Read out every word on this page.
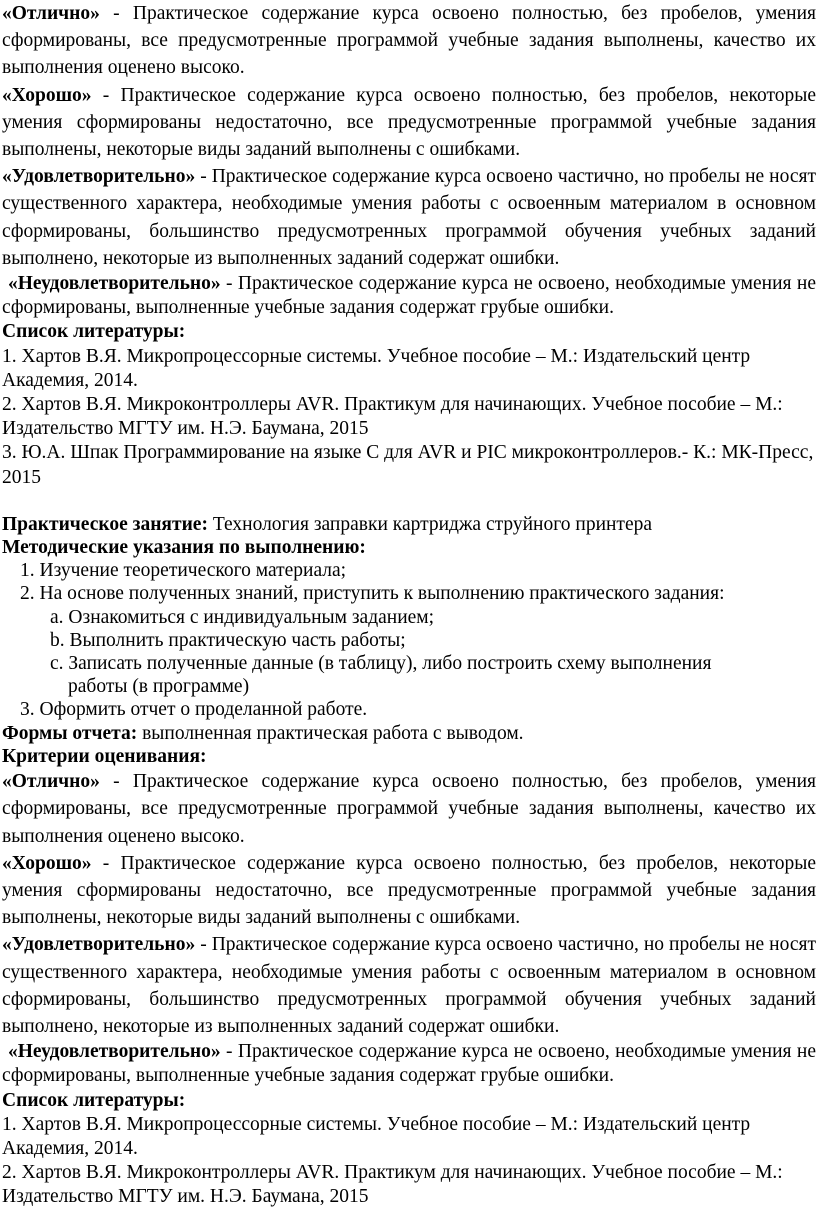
«Отлично» - Практическое содержание курса освоено полностью, без пробелов, умения сформированы, все предусмотренные программой учебные задания выполнены, качество их выполнения оценено высоко.

«Хорошо» - Практическое содержание курса освоено полностью, без пробелов, некоторые умения сформированы недостаточно, все предусмотренные программой учебные задания выполнены, некоторые виды заданий выполнены с ошибками.

«Удовлетворительно» - Практическое содержание курса освоено частично, но пробелы не носят существенного характера, необходимые умения работы с освоенным материалом в основном сформированы, большинство предусмотренных программой обучения учебных заданий выполнено, некоторые из выполненных заданий содержат ошибки.

«Неудовлетворительно» - Практическое содержание курса не освоено, необходимые умения не сформированы, выполненные учебные задания содержат грубые ошибки.

Список литературы:

1. Хартов В.Я. Микропроцессорные системы. Учебное пособие – М.: Издательский центр Академия, 2014.

2. Хартов В.Я. Микроконтроллеры AVR. Практикум для начинающих. Учебное пособие – М.: Издательство МГТУ им. Н.Э. Баумана, 2015

3. Ю.А. Шпак Программирование на языке С для AVR и PIC микроконтроллеров.- К.: МК-Пресс, 2015

Практическое занятие: Технология заправки картриджа струйного принтера

Методические указания по выполнению:

1. Изучение теоретического материала;

2. На основе полученных знаний, приступить к выполнению практического задания:

a. Ознакомиться с индивидуальным заданием;

b. Выполнить практическую часть работы;

c. Записать полученные данные (в таблицу), либо построить схему выполнения

работы (в программе)

3. Оформить отчет о проделанной работе.

Формы отчета: выполненная практическая работа с выводом.

Критерии оценивания:

«Отлично» - Практическое содержание курса освоено полностью, без пробелов, умения сформированы, все предусмотренные программой учебные задания выполнены, качество их выполнения оценено высоко.

«Хорошо» - Практическое содержание курса освоено полностью, без пробелов, некоторые умения сформированы недостаточно, все предусмотренные программой учебные задания выполнены, некоторые виды заданий выполнены с ошибками.

«Удовлетворительно» - Практическое содержание курса освоено частично, но пробелы не носят существенного характера, необходимые умения работы с освоенным материалом в основном сформированы, большинство предусмотренных программой обучения учебных заданий выполнено, некоторые из выполненных заданий содержат ошибки.

«Неудовлетворительно» - Практическое содержание курса не освоено, необходимые умения не сформированы, выполненные учебные задания содержат грубые ошибки.

Список литературы:

1. Хартов В.Я. Микропроцессорные системы. Учебное пособие – М.: Издательский центр Академия, 2014.

2. Хартов В.Я. Микроконтроллеры AVR. Практикум для начинающих. Учебное пособие – М.: Издательство МГТУ им. Н.Э. Баумана, 2015
